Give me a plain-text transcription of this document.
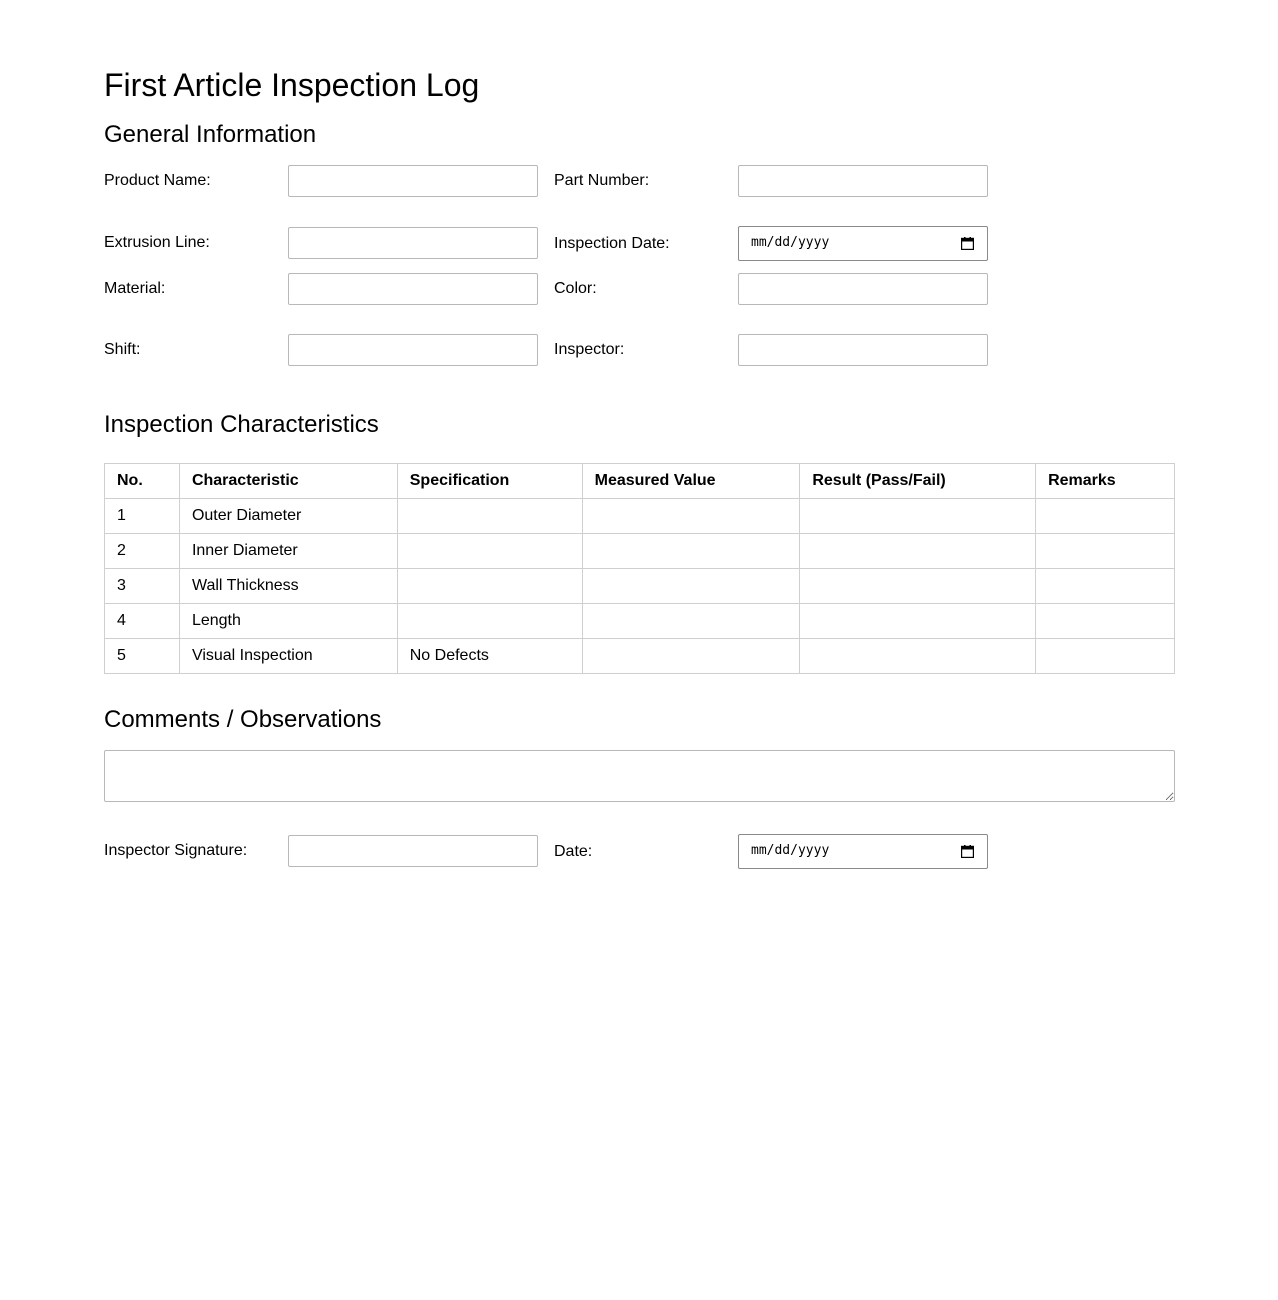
First Article Inspection Log
General Information
Product Name:	Part Number:
Extrusion Line:	Inspection Date:	mm/dd/yyyy
Material:	Color:
Shift:	Inspector:
Inspection Characteristics
No.	Characteristic	Specification	Measured Value	Result (Pass/Fail)	Remarks
1	Outer Diameter				
2	Inner Diameter				
3	Wall Thickness				
4	Length				
5	Visual Inspection	No Defects			
Comments / Observations
Inspector Signature:	Date:	mm/dd/yyyy
